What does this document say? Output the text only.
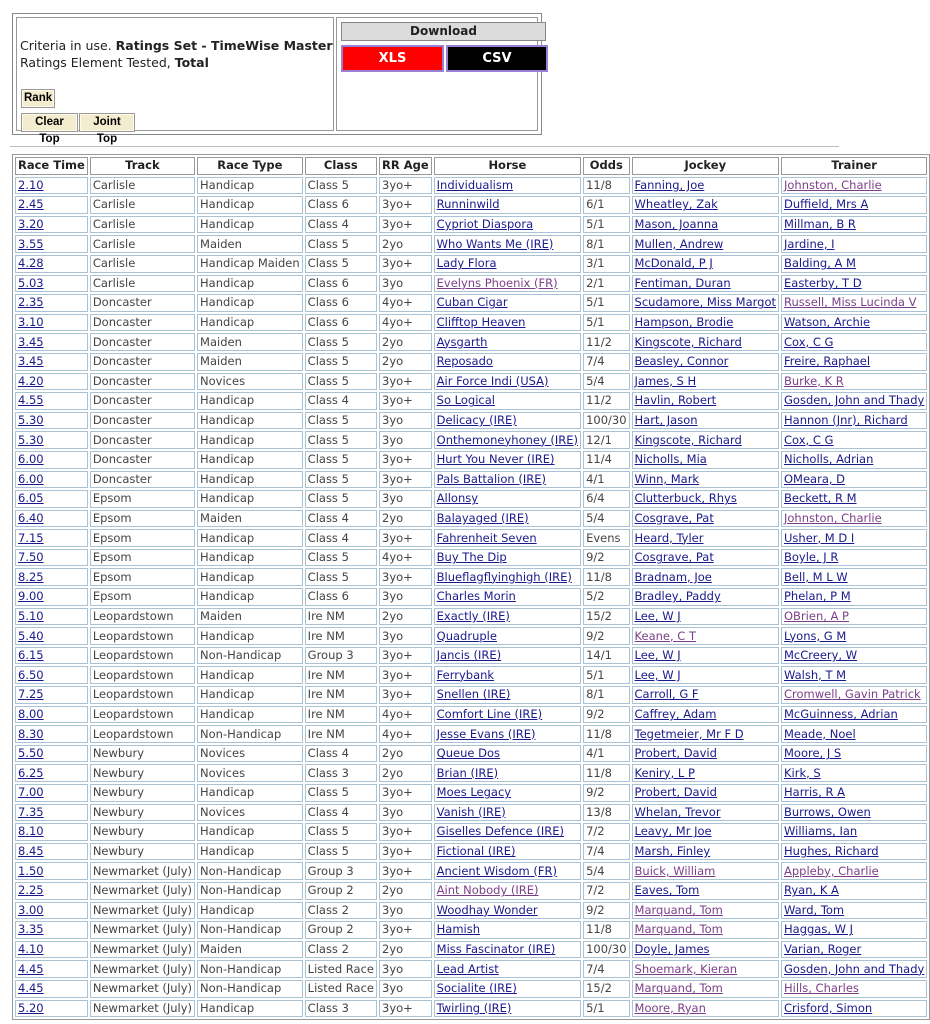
Criteria in use. Ratings Set - TimeWise Master
Ratings Element Tested, Total
Rank
Clear Top
Joint Top
Download
XLS	CSV
Race Time	Track	Race Type	Class	RR Age	Horse	Odds	Jockey	Trainer
2.10	Carlisle	Handicap	Class 5	3yo+	Individualism	11/8	Fanning, Joe	Johnston, Charlie
2.45	Carlisle	Handicap	Class 6	3yo+	Runninwild	6/1	Wheatley, Zak	Duffield, Mrs A
3.20	Carlisle	Handicap	Class 4	3yo+	Cypriot Diaspora	5/1	Mason, Joanna	Millman, B R
3.55	Carlisle	Maiden	Class 5	2yo	Who Wants Me (IRE)	8/1	Mullen, Andrew	Jardine, I
4.28	Carlisle	Handicap Maiden	Class 5	3yo+	Lady Flora	3/1	McDonald, P J	Balding, A M
5.03	Carlisle	Handicap	Class 6	3yo	Evelyns Phoenix (FR)	2/1	Fentiman, Duran	Easterby, T D
2.35	Doncaster	Handicap	Class 6	4yo+	Cuban Cigar	5/1	Scudamore, Miss Margot	Russell, Miss Lucinda V
3.10	Doncaster	Handicap	Class 6	4yo+	Clifftop Heaven	5/1	Hampson, Brodie	Watson, Archie
3.45	Doncaster	Maiden	Class 5	2yo	Aysgarth	11/2	Kingscote, Richard	Cox, C G
3.45	Doncaster	Maiden	Class 5	2yo	Reposado	7/4	Beasley, Connor	Freire, Raphael
4.20	Doncaster	Novices	Class 5	3yo+	Air Force Indi (USA)	5/4	James, S H	Burke, K R
4.55	Doncaster	Handicap	Class 4	3yo+	So Logical	11/2	Havlin, Robert	Gosden, John and Thady
5.30	Doncaster	Handicap	Class 5	3yo	Delicacy (IRE)	100/30	Hart, Jason	Hannon (Jnr), Richard
5.30	Doncaster	Handicap	Class 5	3yo	Onthemoneyhoney (IRE)	12/1	Kingscote, Richard	Cox, C G
6.00	Doncaster	Handicap	Class 5	3yo+	Hurt You Never (IRE)	11/4	Nicholls, Mia	Nicholls, Adrian
6.00	Doncaster	Handicap	Class 5	3yo+	Pals Battalion (IRE)	4/1	Winn, Mark	OMeara, D
6.05	Epsom	Handicap	Class 5	3yo	Allonsy	6/4	Clutterbuck, Rhys	Beckett, R M
6.40	Epsom	Maiden	Class 4	2yo	Balayaged (IRE)	5/4	Cosgrave, Pat	Johnston, Charlie
7.15	Epsom	Handicap	Class 4	3yo+	Fahrenheit Seven	Evens	Heard, Tyler	Usher, M D I
7.50	Epsom	Handicap	Class 5	4yo+	Buy The Dip	9/2	Cosgrave, Pat	Boyle, J R
8.25	Epsom	Handicap	Class 5	3yo+	Blueflagflyinghigh (IRE)	11/8	Bradnam, Joe	Bell, M L W
9.00	Epsom	Handicap	Class 6	3yo	Charles Morin	5/2	Bradley, Paddy	Phelan, P M
5.10	Leopardstown	Maiden	Ire NM	2yo	Exactly (IRE)	15/2	Lee, W J	OBrien, A P
5.40	Leopardstown	Handicap	Ire NM	3yo	Quadruple	9/2	Keane, C T	Lyons, G M
6.15	Leopardstown	Non-Handicap	Group 3	3yo+	Jancis (IRE)	14/1	Lee, W J	McCreery, W
6.50	Leopardstown	Handicap	Ire NM	3yo+	Ferrybank	5/1	Lee, W J	Walsh, T M
7.25	Leopardstown	Handicap	Ire NM	3yo+	Snellen (IRE)	8/1	Carroll, G F	Cromwell, Gavin Patrick
8.00	Leopardstown	Handicap	Ire NM	4yo+	Comfort Line (IRE)	9/2	Caffrey, Adam	McGuinness, Adrian
8.30	Leopardstown	Non-Handicap	Ire NM	4yo+	Jesse Evans (IRE)	11/8	Tegetmeier, Mr F D	Meade, Noel
5.50	Newbury	Novices	Class 4	2yo	Queue Dos	4/1	Probert, David	Moore, J S
6.25	Newbury	Novices	Class 3	2yo	Brian (IRE)	11/8	Keniry, L P	Kirk, S
7.00	Newbury	Handicap	Class 5	3yo+	Moes Legacy	9/2	Probert, David	Harris, R A
7.35	Newbury	Novices	Class 4	3yo	Vanish (IRE)	13/8	Whelan, Trevor	Burrows, Owen
8.10	Newbury	Handicap	Class 5	3yo+	Giselles Defence (IRE)	7/2	Leavy, Mr Joe	Williams, Ian
8.45	Newbury	Handicap	Class 5	3yo+	Fictional (IRE)	7/4	Marsh, Finley	Hughes, Richard
1.50	Newmarket (July)	Non-Handicap	Group 3	3yo+	Ancient Wisdom (FR)	5/4	Buick, William	Appleby, Charlie
2.25	Newmarket (July)	Non-Handicap	Group 2	2yo	Aint Nobody (IRE)	7/2	Eaves, Tom	Ryan, K A
3.00	Newmarket (July)	Handicap	Class 2	3yo	Woodhay Wonder	9/2	Marquand, Tom	Ward, Tom
3.35	Newmarket (July)	Non-Handicap	Group 2	3yo+	Hamish	11/8	Marquand, Tom	Haggas, W J
4.10	Newmarket (July)	Maiden	Class 2	2yo	Miss Fascinator (IRE)	100/30	Doyle, James	Varian, Roger
4.45	Newmarket (July)	Non-Handicap	Listed Race	3yo	Lead Artist	7/4	Shoemark, Kieran	Gosden, John and Thady
4.45	Newmarket (July)	Non-Handicap	Listed Race	3yo	Socialite (IRE)	15/2	Marquand, Tom	Hills, Charles
5.20	Newmarket (July)	Handicap	Class 3	3yo+	Twirling (IRE)	5/1	Moore, Ryan	Crisford, Simon
